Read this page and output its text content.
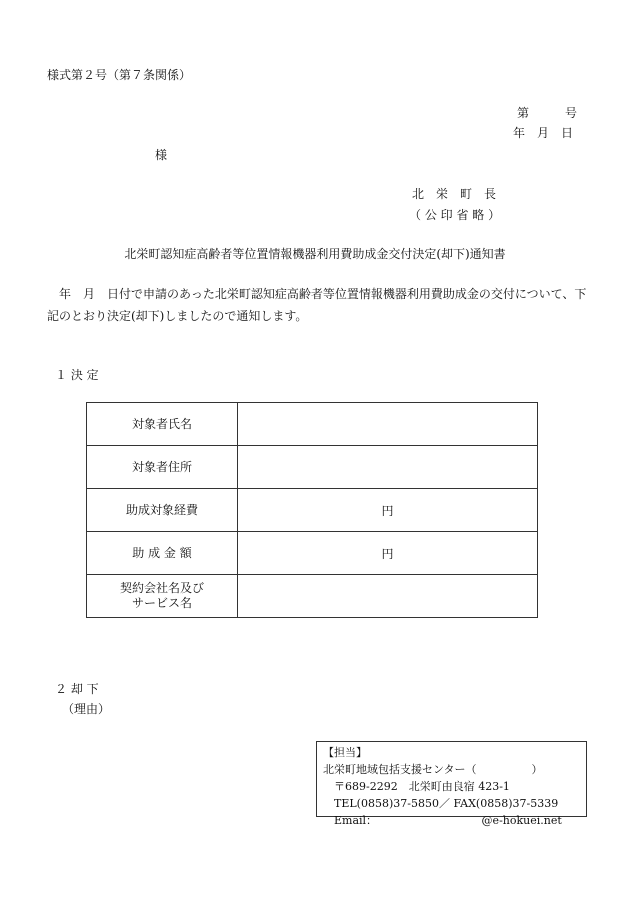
様式第２号（第７条関係）
第　　　号
年　月　日
様
北　栄　町　長
（ 公 印 省 略 ）
北栄町認知症高齢者等位置情報機器利用費助成金交付決定(却下)通知書
　年　月　日付で申請のあった北栄町認知症高齢者等位置情報機器利用費助成金の交付について、下記のとおり決定(却下)しましたので通知します。
１ 決 定
対象者氏名	
対象者住所	
助成対象経費	円
助 成 金 額	円
契約会社名及び
サービス名	
２ 却 下
（理由）
【担当】
北栄町地域包括支援センター（　　　　　）
　〒689-2292　北栄町由良宿 423-1
　TEL(0858)37-5850／ FAX(0858)37-5339
　Email：　　　　　　　　　　@e-hokuei.net
